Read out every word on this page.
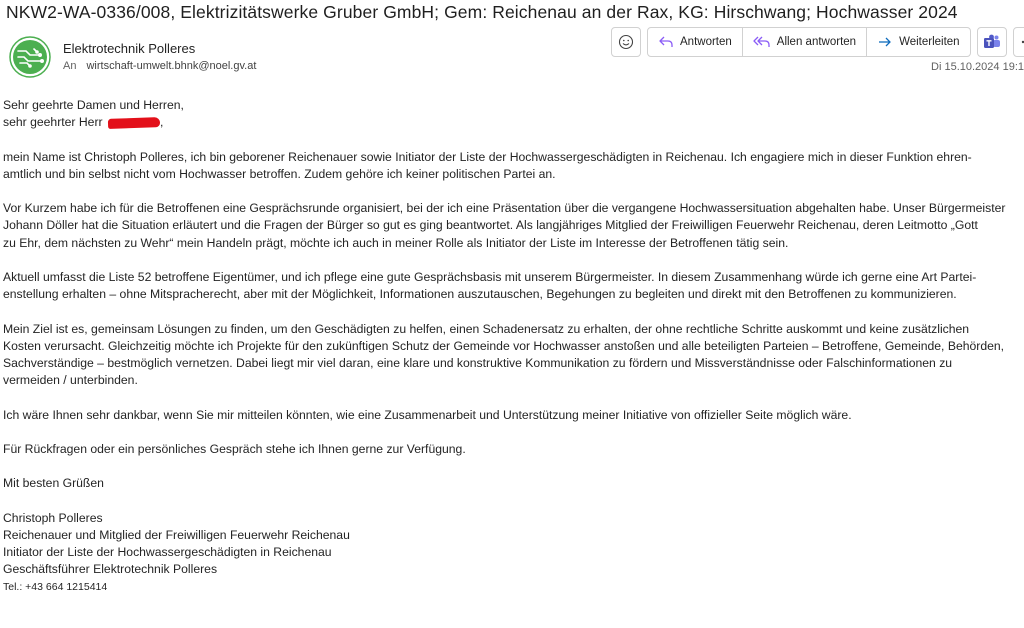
NKW2-WA-0336/008, Elektrizitätswerke Gruber GmbH; Gem: Reichenau an der Rax, KG: Hirschwang; Hochwasser 2024
Elektrotechnik Polleres
An wirtschaft-umwelt.bhnk@noel.gv.at	Di 15.10.2024 19:1
Antworten	Allen antworten	Weiterleiten

Sehr geehrte Damen und Herren,

sehr geehrter Herr	,

mein Name ist Christoph Polleres, ich bin geborener Reichenauer sowie Initiator der Liste der Hochwassergeschädigten in Reichenau. Ich engagiere mich in dieser Funktion ehren-
amtlich und bin selbst nicht vom Hochwasser betroffen. Zudem gehöre ich keiner politischen Partei an.

Vor Kurzem habe ich für die Betroffenen eine Gesprächsrunde organisiert, bei der ich eine Präsentation über die vergangene Hochwassersituation abgehalten habe. Unser Bürgermeister
Johann Döller hat die Situation erläutert und die Fragen der Bürger so gut es ging beantwortet. Als langjähriges Mitglied der Freiwilligen Feuerwehr Reichenau, deren Leitmotto „Gott
zu Ehr, dem nächsten zu Wehr“ mein Handeln prägt, möchte ich auch in meiner Rolle als Initiator der Liste im Interesse der Betroffenen tätig sein.

Aktuell umfasst die Liste 52 betroffene Eigentümer, und ich pflege eine gute Gesprächsbasis mit unserem Bürgermeister. In diesem Zusammenhang würde ich gerne eine Art Partei-
enstellung erhalten – ohne Mitspracherecht, aber mit der Möglichkeit, Informationen auszutauschen, Begehungen zu begleiten und direkt mit den Betroffenen zu kommunizieren.

Mein Ziel ist es, gemeinsam Lösungen zu finden, um den Geschädigten zu helfen, einen Schadenersatz zu erhalten, der ohne rechtliche Schritte auskommt und keine zusätzlichen
Kosten verursacht. Gleichzeitig möchte ich Projekte für den zukünftigen Schutz der Gemeinde vor Hochwasser anstoßen und alle beteiligten Parteien – Betroffene, Gemeinde, Behörden,
Sachverständige – bestmöglich vernetzen. Dabei liegt mir viel daran, eine klare und konstruktive Kommunikation zu fördern und Missverständnisse oder Falschinformationen zu
vermeiden / unterbinden.

Ich wäre Ihnen sehr dankbar, wenn Sie mir mitteilen könnten, wie eine Zusammenarbeit und Unterstützung meiner Initiative von offizieller Seite möglich wäre.

Für Rückfragen oder ein persönliches Gespräch stehe ich Ihnen gerne zur Verfügung.

Mit besten Grüßen

Christoph Polleres

Reichenauer und Mitglied der Freiwilligen Feuerwehr Reichenau

Initiator der Liste der Hochwassergeschädigten in Reichenau

Geschäftsführer Elektrotechnik Polleres

Tel.: +43 664 1215414
